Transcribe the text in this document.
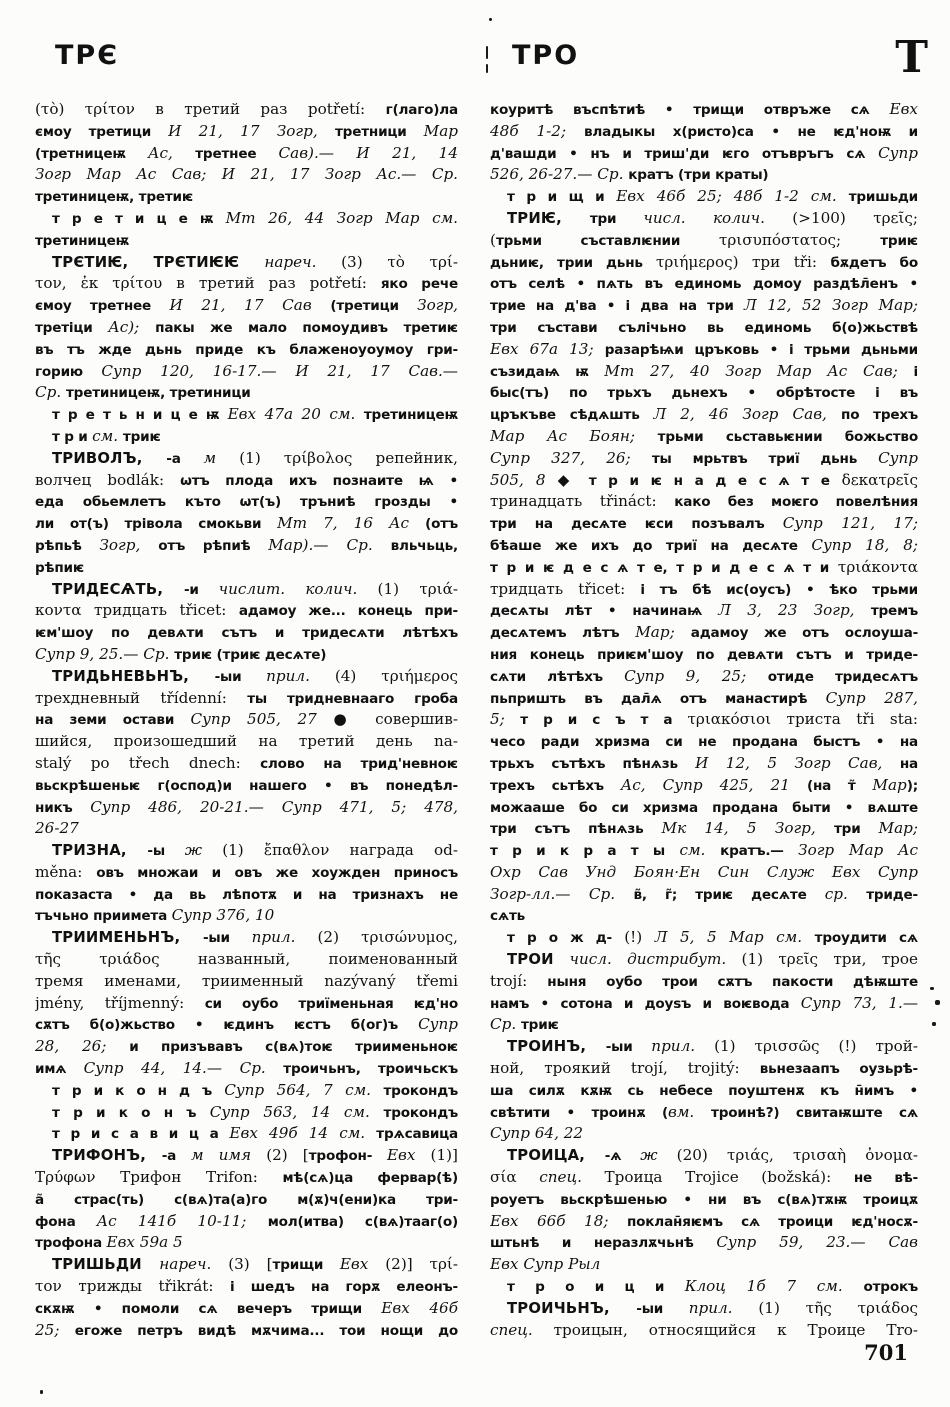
ТРЄ	ТРО	Т
(τὸ) τρίτον в третий раз potřetí: г(лаго)ла
ємоу третици И 21, 17 Зогр, третници Мар
(третницеѭ Ас, третнее Сав).— И 21, 14
Зогр Мар Ас Сав; И 21, 17 Зогр Ас.— Ср.
третиницеѭ, третиѥ
т р е т и ц е ѭ Мт 26, 44 Зогр Мар см.
третиницеѭ
ТРЄТИѤ, ТРЄТИѤѤ нареч. (3) τὸ τρί-
τον, ἐκ τρίτου в третий раз potřetí: яко рече
ємоу третнее И 21, 17 Сав (третици Зогр,
третіци Ас); пакы же мало помоудивъ третиѥ
въ тъ жде дьнь приде къ блаженоуоумоу гри-
горию Супр 120, 16-17.— И 21, 17 Сав.—
Ср. третиницеѭ, третиници
т р е т ь н и ц е ѭ Евх 47а 20 см. третиницеѭ
т р и см. триѥ
ТРИВОЛЪ, -а м (1) τρίβολος репейник,
волчец bodlák: ѡтъ плода ихъ познаите ѩ •
еда обьемлетъ къто ѡт(ъ) тръниѣ грозды •
ли от(ъ) трівола смокьви Мт 7, 16 Ас (отъ
рѣпьѣ Зогр, отъ рѣпиѣ Мар).— Ср. вльчьць,
рѣпиѥ
ТРИДЕСѦТЬ, -и числит. колич. (1) τριά-
κοντα тридцать třicet: адамоу же... конець при-
ѥм'шоу по девѧти сътъ и тридесѧти лѣтѣхъ
Супр 9, 25.— Ср. триѥ (триѥ десѧте)
ТРИДЬНЕВЬНЪ, -ыи прил. (4) τριήμερος
трехдневный třídenní: ты тридневнааго гроба
на земи остави Супр 505, 27 ● совершив-
шийся, произошедший на третий день na-
stalý po třech dnech: слово на трид'невноѥ
вьскрѣшеньѥ г(оспод)и нашего • въ понедѣл-
никъ Супр 486, 20-21.— Супр 471, 5; 478,
26-27
ТРИЗНА, -ы ж (1) ἔπαθλον награда od-
měna: овъ множаи и овъ же хоужден приносъ
показаста • да вь лѣпотѫ и на тризнахъ не
тъчьно приимета Супр 376, 10
ТРИИМЕНЬНЪ, -ыи прил. (2) τρισώνυμος,
τῆς τριάδος названный, поименованный
тремя именами, триименный nazývaný třemi
jmény, tříjmenný: си оубо триїменьная ѥд'но
сѫтъ б(о)жьство • ѥдинъ ѥстъ б(ог)ъ Супр
28, 26; и призъвавъ с(вѧ)тоѥ триименьноѥ
имѧ Супр 44, 14.— Ср. троичьнъ, троичьскъ
т р и к о н д ъ Супр 564, 7 см. трокондъ
т р и к о н ъ Супр 563, 14 см. трокондъ
т р и с а в и ц а Евх 49б 14 см. трѧсавица
ТРИФОНЪ, -а м имя (2) [трофон- Евх (1)]
Τρύφων Трифон Trifon: мѣ(сѧ)ца фервар(ѣ)
а̃ страс(ть) с(вѧ)та(а)го м(ѫ)ч(ени)ка три-
фона Ас 141б 10-11; мол(итва) с(вѧ)тааг(о)
трофона Евх 59а 5
ТРИШЬДИ нареч. (3) [трищи Евх (2)] τρί-
τον трижды třikrát: і шедъ на горѫ елеонъ-
скѫѭ • помоли сѧ вечеръ трищи Евх 46б
25; егоже петръ видѣ мѫчима... тои нощи до
коуритѣ въспѣтиѣ • трищи отвръже сѧ Евх
48б 1-2; владыкы х(ристо)са • не ѥд'ноѭ и
д'вашди • нъ и триш'ди ѥго отъвръгъ сѧ Супр
526, 26-27.— Ср. кратъ (три краты)
т р и щ и Евх 46б 25; 48б 1-2 см. тришьди
ТРИѤ, три числ. колич. (>100) τρεῖς;
(трьми съставлѥнии τρισυπόστατος; триѥ
дьниѥ, трии дьнь τριήμερος) три tři: бѫдетъ бо
отъ селѣ • пѧть въ единомь домоу раздѣл̄енъ •
трие на д'ва • і два на три Л 12, 52 Зогр Мар;
три състави сълічьно вь единомь б(о)жьствѣ
Евх 67а 13; разарѣѩи цръковь • і трьми дьньми
съзидаѩ ѭ Мт 27, 40 Зогр Мар Ас Сав; і
быс(тъ) по трьхъ дьнехъ • обрѣтосте і въ
цръкъве сѣдѧшть Л 2, 46 Зогр Сав, по трехъ
Мар Ас Боян; трьми сьставьѥнии божьство
Супр 327, 26; ты мрьтвъ триї дьнь Супр
505, 8 ◆ т р и ѥ н а д е с ѧ т е δεκατρεῖς
тринадцать třináct: како без моѥго повелѣния
три на десѧте ѥси позъвалъ Супр 121, 17;
бѣаше же ихъ до триї на десѧте Супр 18, 8;
т р и ѥ д е с ѧ т е, т р и д е с ѧ т и τριάκοντα
тридцать třicet: і тъ бѣ ис(оусъ) • ѣко трьми
десѧты лѣт • начинаѩ Л 3, 23 Зогр, тремъ
десѧтемъ лѣтъ Мар; адамоу же отъ ослоуша-
ния конець приѥм'шоу по девѧти сътъ и триде-
сѧти лѣтѣхъ Супр 9, 25; отиде тридесѧтъ
пьпришть въ дал̄ѧ отъ манастирѣ Супр 287,
5; т р и с ъ т а τριακόσιοι триста tři sta:
чесо ради хризма си не продана быстъ • на
трьхъ сътѣхъ пѣнѧзь И 12, 5 Зогр Сав, на
трехъ сьтѣхъ Ас, Супр 425, 21 (на т̃ Мар);
можааше бо си хризма продана быти • вѧште
три сътъ пѣнѧзь Мк 14, 5 Зогр, три Мар;
т р и к р а т ы см. кратъ.— Зогр Мар Ас
Охр Сав Унд Боян·Ен Син Служ Евх Супр
Зогр-лл.— Ср. в̃, г̃; триѥ десѧте ср. триде-
сѧть
т р о ж д- (!) Л 5, 5 Мар см. троудити сѧ
ТРОИ числ. дистрибут. (1) τρεῖς три, трое
trojí: ныня оубо трои сѫтъ пакости дѣѭште
намъ • сотона и доуѕъ и воѥвода Супр 73, 1.—
Ср. триѥ
ТРОИНЪ, -ыи прил. (1) τρισσῶς (!) трой-
ной, троякий trojí, trojitý: вьнезаапъ оузьрѣ-
ша силѫ кѫѭ сь небесе поуштенѫ къ н̄имъ •
свѣтити • троинѫ (вм. троинѣ?) свитаѭште сѧ
Супр 64, 22
ТРОИЦА, -ѧ ж (20) τριάς, τρισαὴ ὀνομα-
σία спец. Троица Trojice (božská): не вѣ-
роуетъ вьскрѣшенью • ни въ с(вѧ)тѫѭ троицѫ
Евх 66б 18; поклан̄яѥмъ сѧ троици ѥд'носѫ-
штьнѣ и неразлѫчьнѣ Супр 59, 23.— Сав
Евх Супр Рыл
т р о и ц и Клоц 1б 7 см. отрокъ
ТРОИЧЬНЪ, -ыи прил. (1) τῆς τριάδος
спец. троицын, относящийся к Троице Tro-
701
